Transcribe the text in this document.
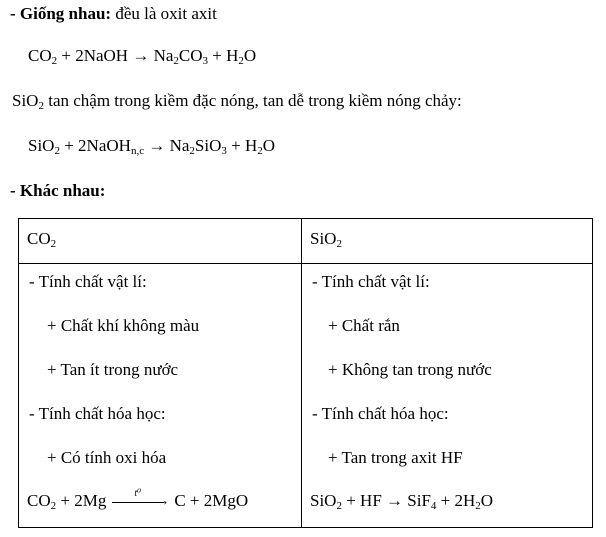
- Giống nhau: đều là oxit axit
$CO_2$ + 2NaOH → $Na_2CO_3 + H_2O$
SiO$_2$ tan chậm trong kiềm đặc nóng, tan dễ trong kiềm nóng chảy:
SiO$_2$ + 2NaOH$_{n,c}$ → $Na_2SiO_3 + H_2O$
- Khác nhau:
$CO_2$
- Tính chất vật lí:
+ Chất khí không màu
+ Tan ít trong nước
- Tính chất hóa học:
+ Có tính oxi hóa
$CO_2 + 2Mg$	→
t⁰ C + 2MgO
SiO$_2$
- Tính chất vật lí:
+ Chất rắn
+ Không tan trong nước
- Tính chất hóa học:
+ Tan trong axit HF
SiO$_2$ + HF → $SiF_4 + 2H_2O$
